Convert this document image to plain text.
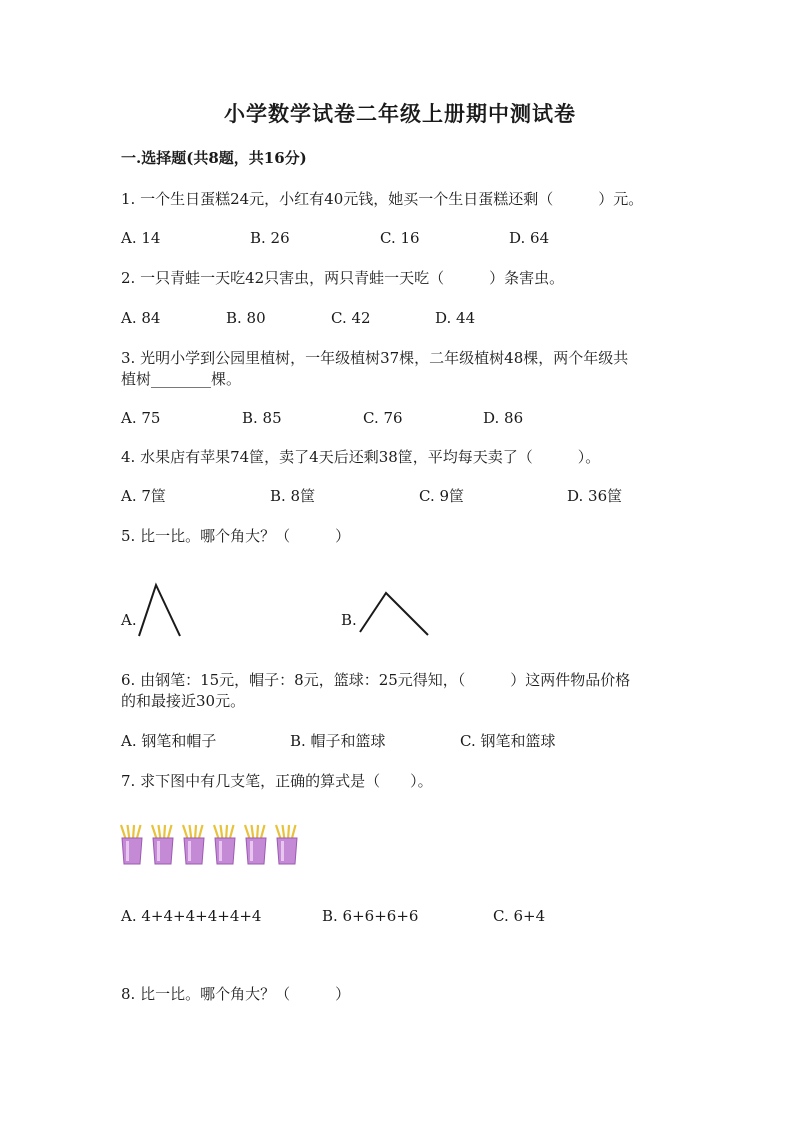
小学数学试卷二年级上册期中测试卷
一.选择题(共8题，共16分)
1. 一个生日蛋糕24元，小红有40元钱，她买一个生日蛋糕还剩（　　　）元。
A. 14	B. 26	C. 16	D. 64
2. 一只青蛙一天吃42只害虫，两只青蛙一天吃（　　　）条害虫。
A. 84	B. 80	C. 42	D. 44
3. 光明小学到公园里植树，一年级植树37棵，二年级植树48棵，两个年级共
植树________棵。
A. 75	B. 85	C. 76	D. 86
4. 水果店有苹果74筐，卖了4天后还剩38筐，平均每天卖了（　　　）。
A. 7筐	B. 8筐	C. 9筐	D. 36筐
5. 比一比。哪个角大？（　　　）
A.	B.
6. 由钢笔：15元，帽子：8元，篮球：25元得知，（　　　）这两件物品价格
的和最接近30元。
A. 钢笔和帽子	B. 帽子和篮球	C. 钢笔和篮球
7. 求下图中有几支笔，正确的算式是（　　）。
A. 4+4+4+4+4+4	B. 6+6+6+6	C. 6+4
8. 比一比。哪个角大？（　　　）
